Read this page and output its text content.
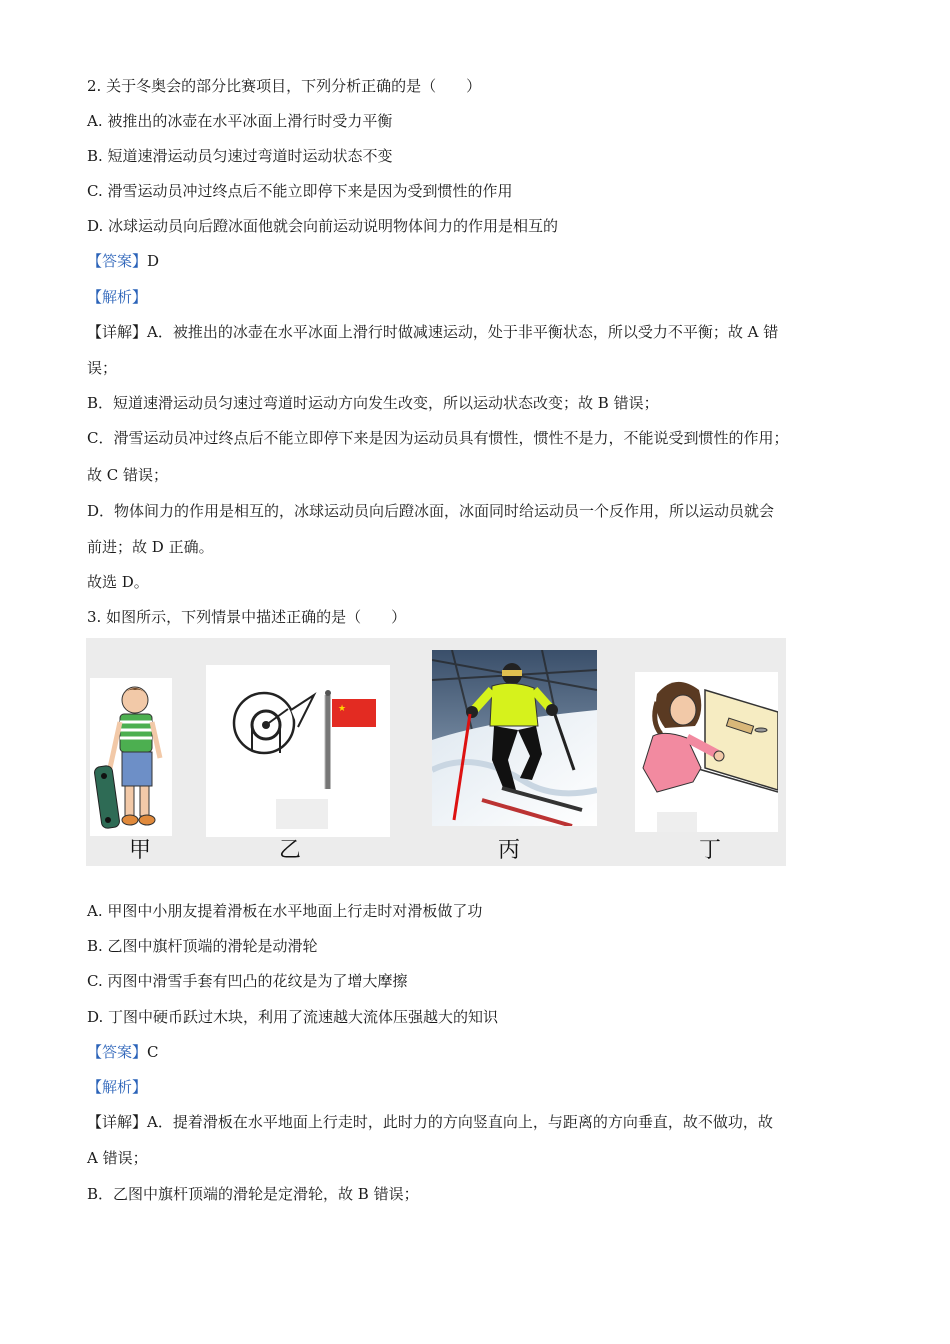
2. 关于冬奥会的部分比赛项目，下列分析正确的是（　　）
A. 被推出的冰壶在水平冰面上滑行时受力平衡
B. 短道速滑运动员匀速过弯道时运动状态不变
C. 滑雪运动员冲过终点后不能立即停下来是因为受到惯性的作用
D. 冰球运动员向后蹬冰面他就会向前运动说明物体间力的作用是相互的
【答案】D
【解析】
【详解】A．被推出的冰壶在水平冰面上滑行时做减速运动，处于非平衡状态，所以受力不平衡；故 A 错
误；
B．短道速滑运动员匀速过弯道时运动方向发生改变，所以运动状态改变；故 B 错误；
C．滑雪运动员冲过终点后不能立即停下来是因为运动员具有惯性，惯性不是力，不能说受到惯性的作用；
故 C 错误；
D．物体间力的作用是相互的，冰球运动员向后蹬冰面，冰面同时给运动员一个反作用，所以运动员就会
前进；故 D 正确。
故选 D。
3. 如图所示，下列情景中描述正确的是（　　）
甲
★
乙	丙	丁
A. 甲图中小朋友提着滑板在水平地面上行走时对滑板做了功
B. 乙图中旗杆顶端的滑轮是动滑轮
C. 丙图中滑雪手套有凹凸的花纹是为了增大摩擦
D. 丁图中硬币跃过木块，利用了流速越大流体压强越大的知识
【答案】C
【解析】
【详解】A．提着滑板在水平地面上行走时，此时力的方向竖直向上，与距离的方向垂直，故不做功，故
A 错误；
B．乙图中旗杆顶端的滑轮是定滑轮，故 B 错误；
